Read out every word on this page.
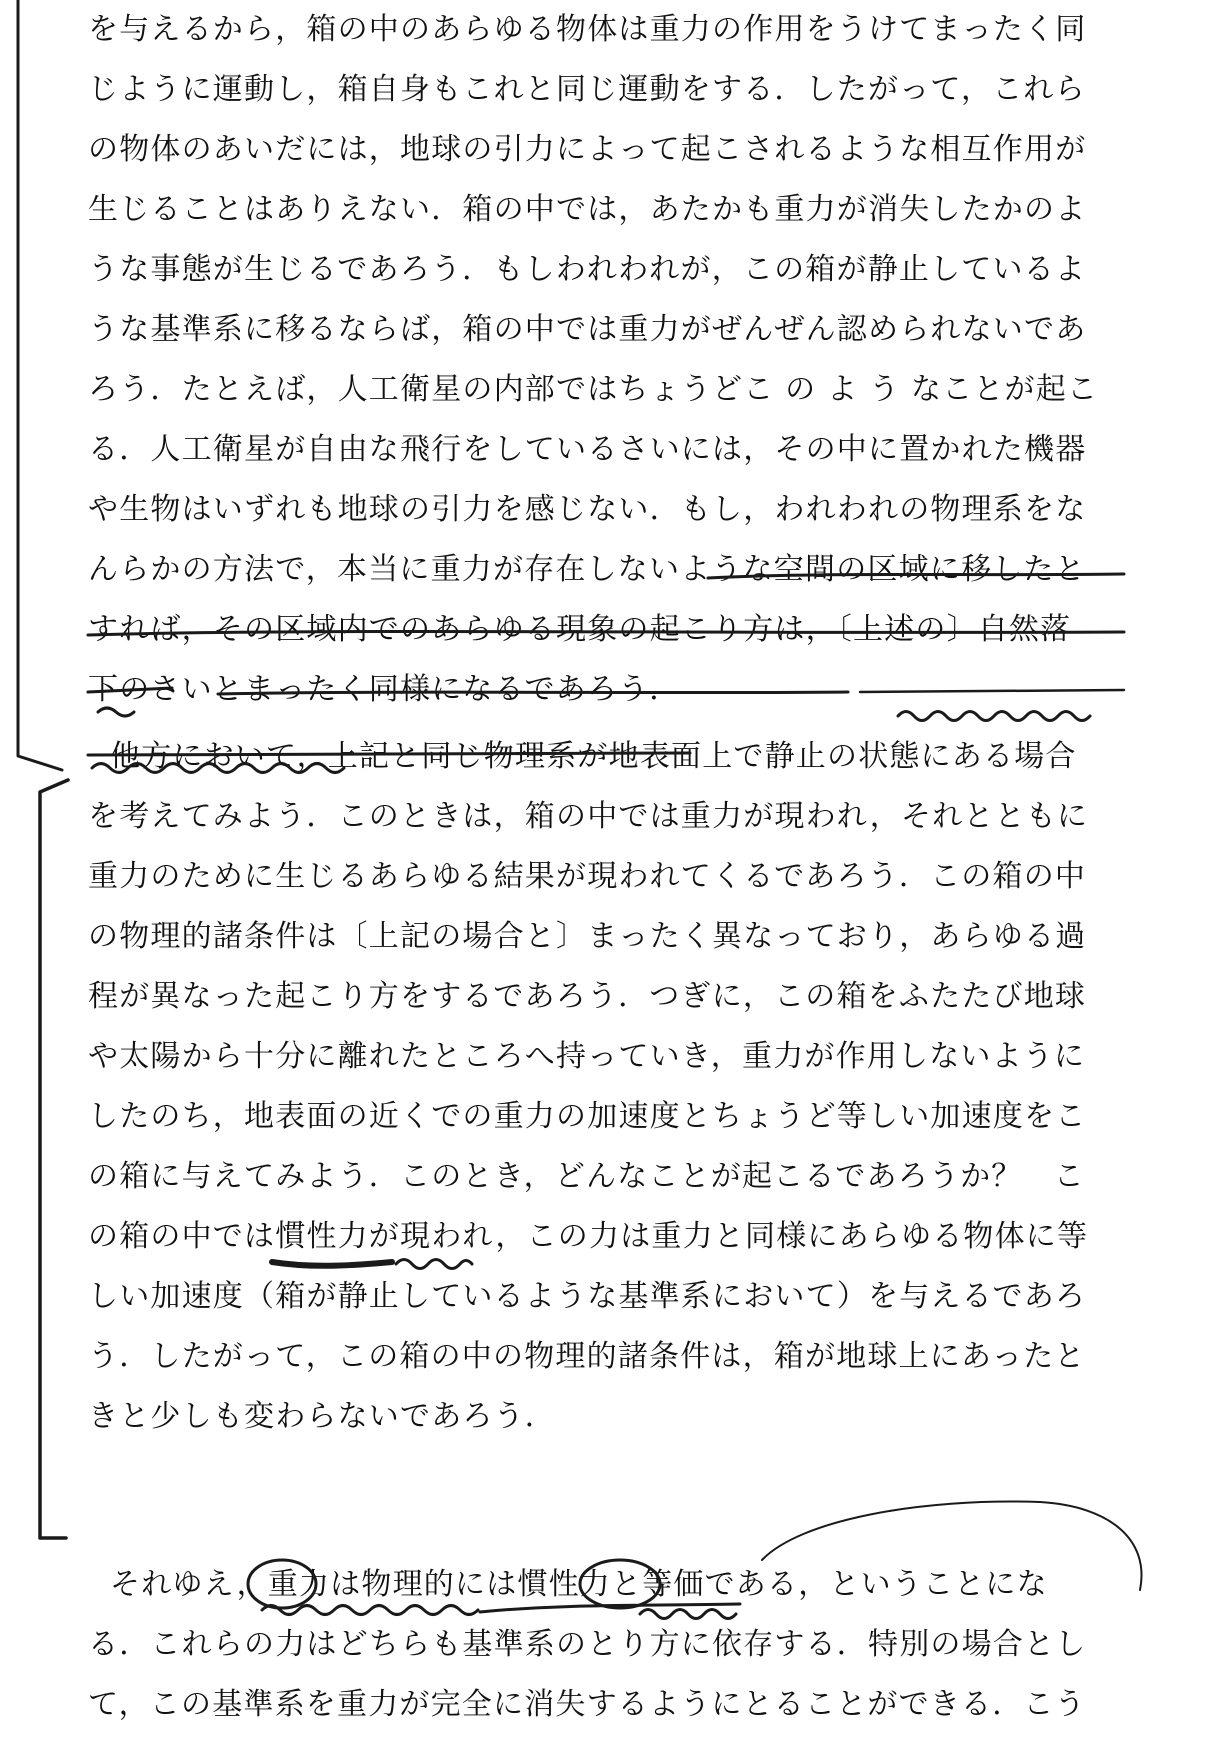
を与えるから，箱の中のあらゆる物体は重力の作用をうけてまったく同
じように運動し，箱自身もこれと同じ運動をする．したがって，これら
の物体のあいだには，地球の引力によって起こされるような相互作用が
生じることはありえない．箱の中では，あたかも重力が消失したかのよ
うな事態が生じるであろう．もしわれわれが，この箱が静止しているよ
うな基準系に移るならば，箱の中では重力がぜんぜん認められないであ
ろう．たとえば，人工衛星の内部ではちょうどこ の よ う なことが起こ
る．人工衛星が自由な飛行をしているさいには，その中に置かれた機器
や生物はいずれも地球の引力を感じない．もし，われわれの物理系をな
んらかの方法で，本当に重力が存在しないような空間の区域に移したと
すれば，その区域内でのあらゆる現象の起こり方は，〔上述の〕自然落
下のさいとまったく同様になるであろう．
他方において，上記と同じ物理系が地表面上で静止の状態にある場合
を考えてみよう．このときは，箱の中では重力が現われ，それとともに
重力のために生じるあらゆる結果が現われてくるであろう．この箱の中
の物理的諸条件は〔上記の場合と〕まったく異なっており，あらゆる過
程が異なった起こり方をするであろう．つぎに，この箱をふたたび地球
や太陽から十分に離れたところへ持っていき，重力が作用しないように
したのち，地表面の近くでの重力の加速度とちょうど等しい加速度をこ
の箱に与えてみよう．このとき，どんなことが起こるであろうか？　こ
の箱の中では慣性力が現われ，この力は重力と同様にあらゆる物体に等
しい加速度（箱が静止しているような基準系において）を与えるであろ
う．したがって，この箱の中の物理的諸条件は，箱が地球上にあったと
きと少しも変わらないであろう．
それゆえ，重力は物理的には慣性力と等価である，ということにな
る．これらの力はどちらも基準系のとり方に依存する．特別の場合とし
て，この基準系を重力が完全に消失するようにとることができる．こう
